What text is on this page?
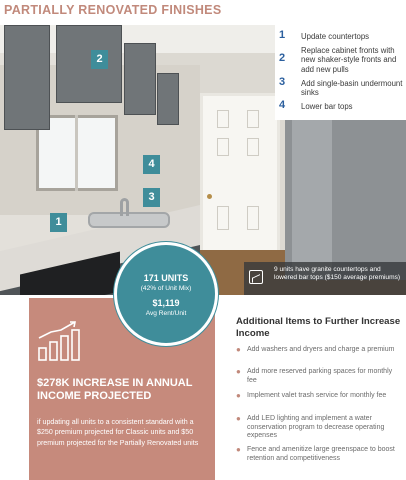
PARTIALLY RENOVATED FINISHES
2
4
3
1
1 Update countertops
2
Replace cabinet fronts with new shaker-style fronts and add new pulls
3 Add single-basin undermount sinks
4 Lower bar tops
9 units have granite countertops and lowered bar tops ($150 average premiums)
$278K INCREASE IN ANNUAL INCOME PROJECTED
if updating all units to a consistent standard with a $250 premium projected for Classic units and $50 premium projected for the Partially Renovated units
171 UNITS
(42% of Unit Mix)
$1,119
Avg Rent/Unit
Additional Items to Further Increase Income
● Add washers and dryers and charge a premium
● Add more reserved parking spaces for monthly fee
● Implement valet trash service for monthly fee
● Add LED lighting and implement a water conservation program to decrease operating expenses
● Fence and amenitize large greenspace to boost retention and competitiveness
